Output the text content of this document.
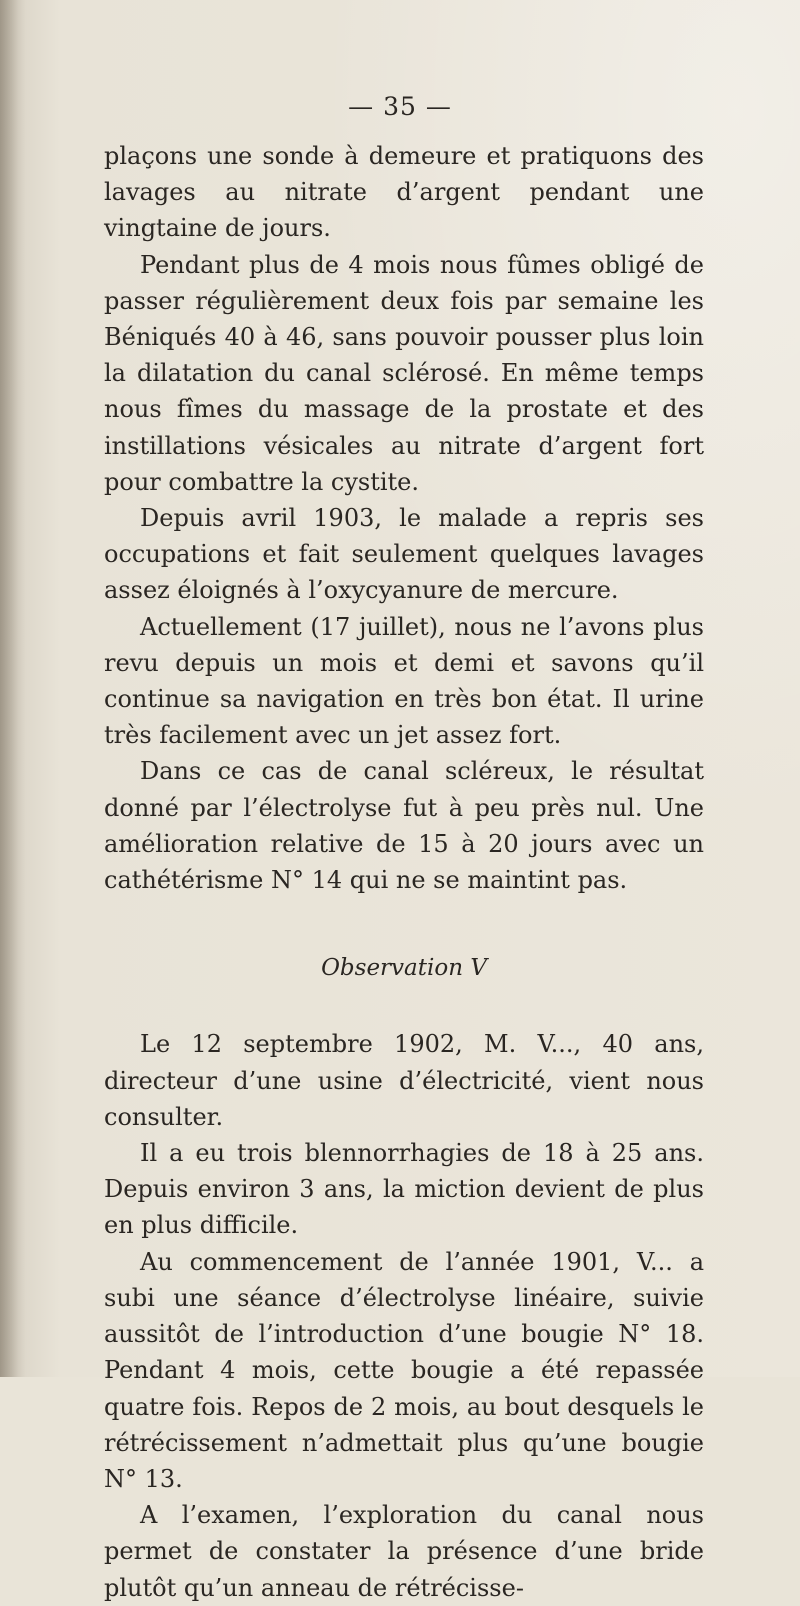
— 35 —

plaçons une sonde à demeure et pratiquons des lavages au nitrate d’argent pendant une vingtaine de jours.

Pendant plus de 4 mois nous fûmes obligé de passer régulièrement deux fois par semaine les Béniqués 40 à 46, sans pouvoir pousser plus loin la dilatation du canal sclérosé. En même temps nous fîmes du massage de la prostate et des instillations vésicales au nitrate d’argent fort pour combattre la cystite.

Depuis avril 1903, le malade a repris ses occupations et fait seulement quelques lavages assez éloignés à l’oxycyanure de mercure.

Actuellement (17 juillet), nous ne l’avons plus revu depuis un mois et demi et savons qu’il continue sa navigation en très bon état. Il urine très facilement avec un jet assez fort.

Dans ce cas de canal scléreux, le résultat donné par l’électrolyse fut à peu près nul. Une amélioration relative de 15 à 20 jours avec un cathétérisme N° 14 qui ne se maintint pas.

Observation V

Le 12 septembre 1902, M. V..., 40 ans, directeur d’une usine d’électricité, vient nous consulter.

Il a eu trois blennorrhagies de 18 à 25 ans. Depuis environ 3 ans, la miction devient de plus en plus difficile.

Au commencement de l’année 1901, V... a subi une séance d’électrolyse linéaire, suivie aussitôt de l’introduction d’une bougie N° 18. Pendant 4 mois, cette bougie a été repassée quatre fois. Repos de 2 mois, au bout desquels le rétrécissement n’admettait plus qu’une bougie N° 13.

A l’examen, l’exploration du canal nous permet de constater la présence d’une bride plutôt qu’un anneau de rétrécisse-
